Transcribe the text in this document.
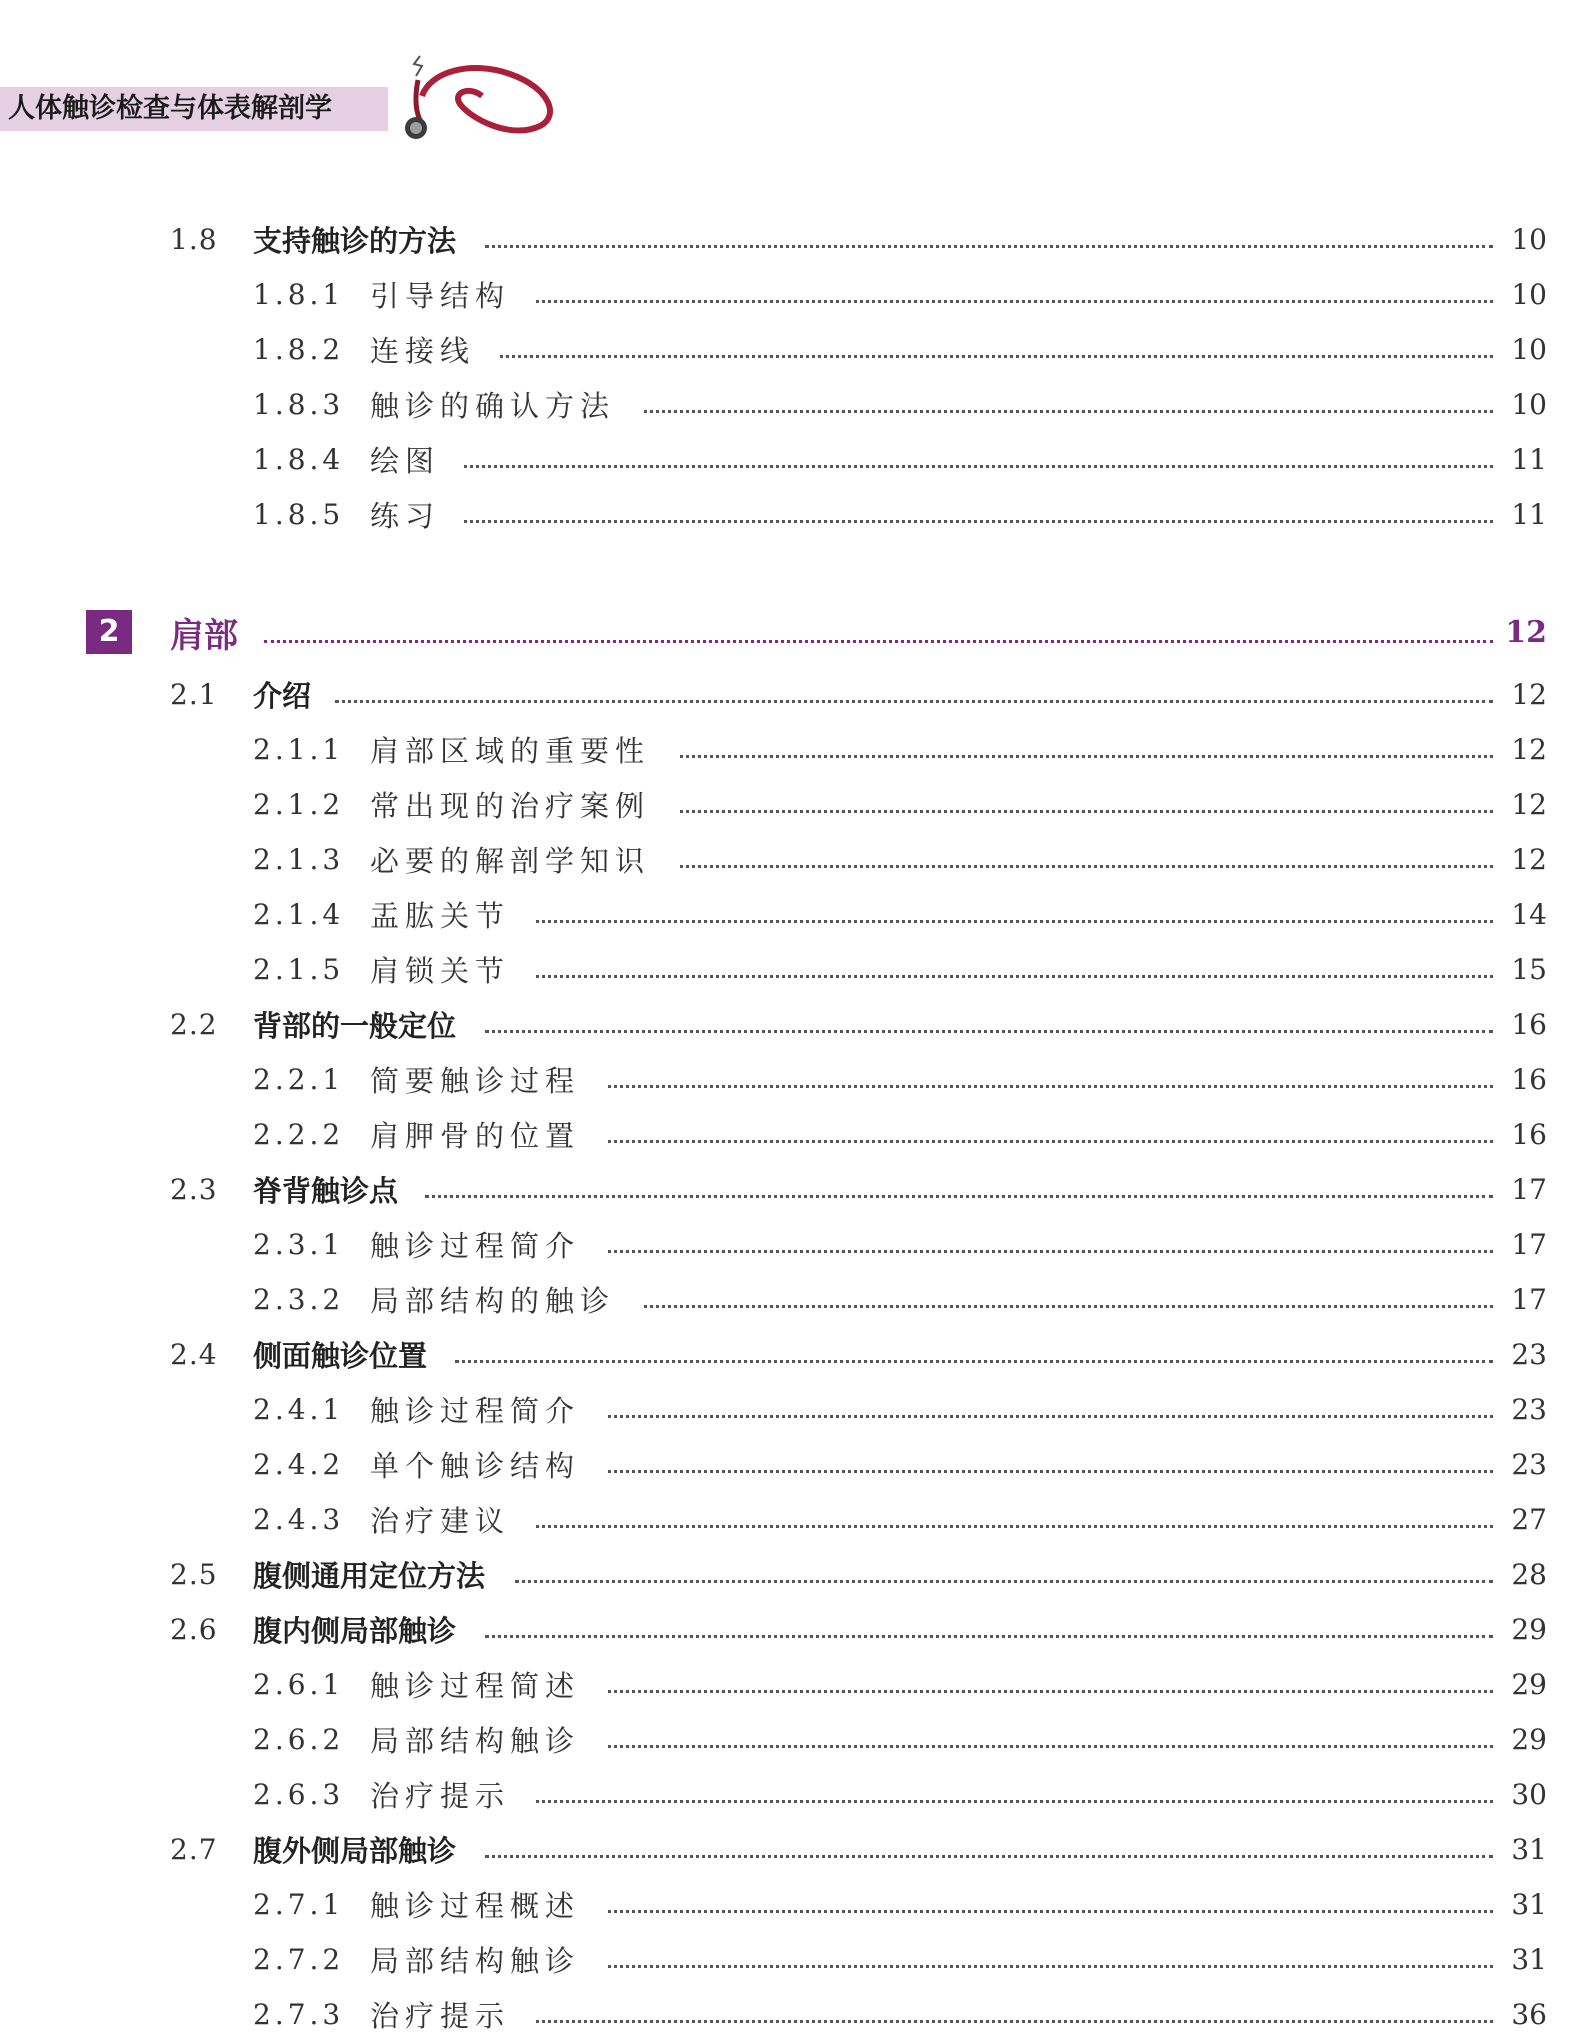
人体触诊检查与体表解剖学
1.8 支持触诊的方法	10
1.8.1 引导结构	10
1.8.2 连接线	10
1.8.3 触诊的确认方法	10
1.8.4 绘图	11
1.8.5 练习	11
2	肩部	12
2.1 介绍	12
2.1.1 肩部区域的重要性	12
2.1.2 常出现的治疗案例	12
2.1.3 必要的解剖学知识	12
2.1.4 盂肱关节	14
2.1.5 肩锁关节	15
2.2 背部的一般定位	16
2.2.1 简要触诊过程	16
2.2.2 肩胛骨的位置	16
2.3 脊背触诊点	17
2.3.1 触诊过程简介	17
2.3.2 局部结构的触诊	17
2.4 侧面触诊位置	23
2.4.1 触诊过程简介	23
2.4.2 单个触诊结构	23
2.4.3 治疗建议	27
2.5 腹侧通用定位方法	28
2.6 腹内侧局部触诊	29
2.6.1 触诊过程简述	29
2.6.2 局部结构触诊	29
2.6.3 治疗提示	30
2.7 腹外侧局部触诊	31
2.7.1 触诊过程概述	31
2.7.2 局部结构触诊	31
2.7.3 治疗提示	36
